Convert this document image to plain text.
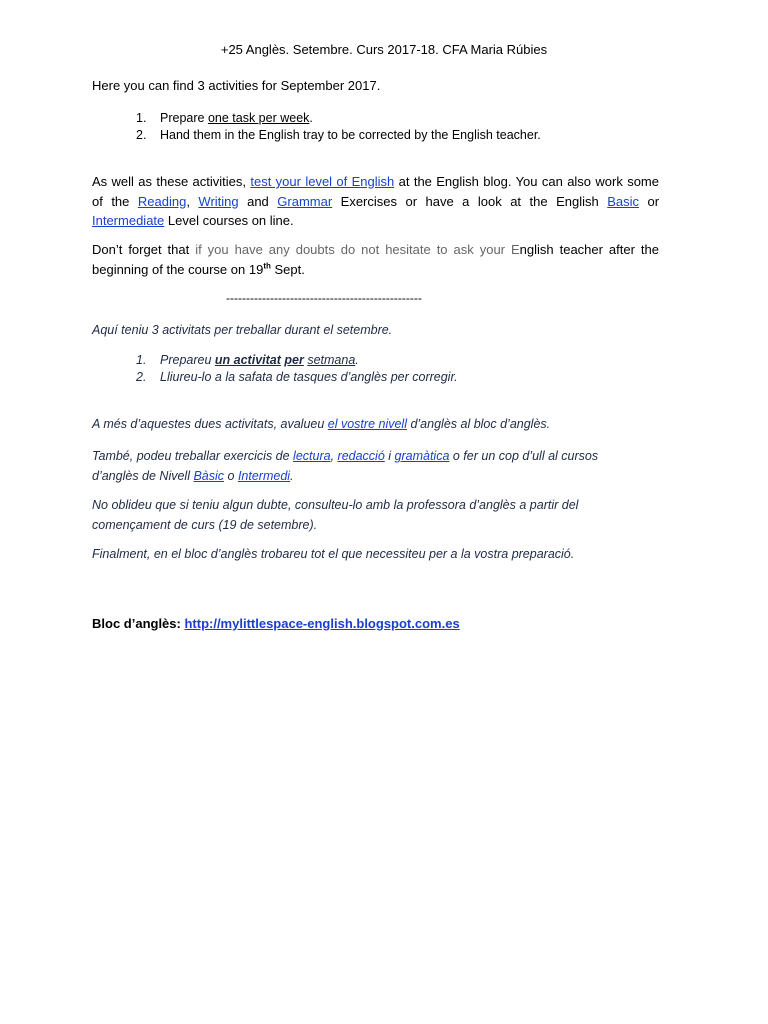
+25 Anglès. Setembre. Curs 2017-18. CFA Maria Rúbies
Here you can find 3 activities for September 2017.
1.	Prepare one task per week.
2.	Hand them in the English tray to be corrected by the English teacher.
As well as these activities, test your level of English at the English blog. You can also work some of the Reading, Writing and Grammar Exercises or have a look at the English Basic or Intermediate Level courses on line.
Don’t forget that if you have any doubts do not hesitate to ask your English teacher after the beginning of the course on 19th Sept.
-------------------------------------------------
Aquí teniu 3 activitats per treballar durant el setembre.
1.	Prepareu un activitat per setmana.
2.	Lliureu-lo a la safata de tasques d’anglès per corregir.
A més d’aquestes dues activitats, avalueu el vostre nivell d’anglès al bloc d’anglès.
També, podeu treballar exercicis de lectura, redacció i gramàtica o fer un cop d’ull al cursos d’anglès de Nivell Bàsic o Intermedi.
No oblideu que si teniu algun dubte, consulteu-lo amb la professora d’anglès a partir del començament de curs (19 de setembre).
Finalment, en el bloc d’anglès trobareu tot el que necessiteu per a la vostra preparació.
Bloc d’anglès: http://mylittlespace-english.blogspot.com.es
